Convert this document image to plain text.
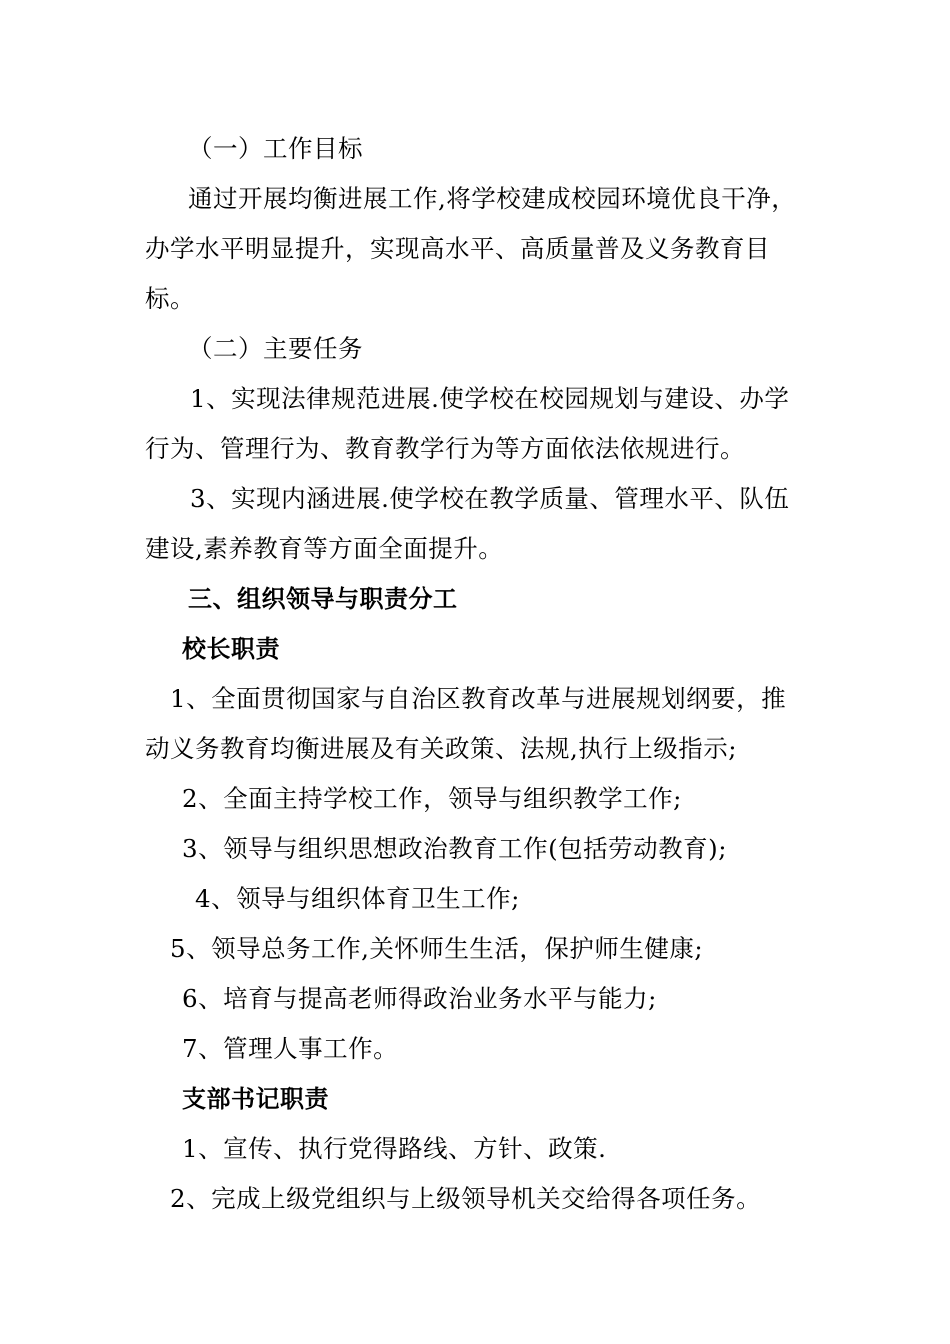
（一）工作目标
通过开展均衡进展工作,将学校建成校园环境优良干净，
办学水平明显提升，实现高水平、高质量普及义务教育目
标。
（二）主要任务
1、实现法律规范进展.使学校在校园规划与建设、办学
行为、管理行为、教育教学行为等方面依法依规进行。
3、实现内涵进展.使学校在教学质量、管理水平、队伍
建设,素养教育等方面全面提升。
三、组织领导与职责分工
校长职责
1、全面贯彻国家与自治区教育改革与进展规划纲要，推
动义务教育均衡进展及有关政策、法规,执行上级指示;
2、全面主持学校工作，领导与组织教学工作;
3、领导与组织思想政治教育工作(包括劳动教育);
4、领导与组织体育卫生工作;
5、领导总务工作,关怀师生生活，保护师生健康;
6、培育与提高老师得政治业务水平与能力;
7、管理人事工作。
支部书记职责
1、宣传、执行党得路线、方针、政策.
2、完成上级党组织与上级领导机关交给得各项任务。
